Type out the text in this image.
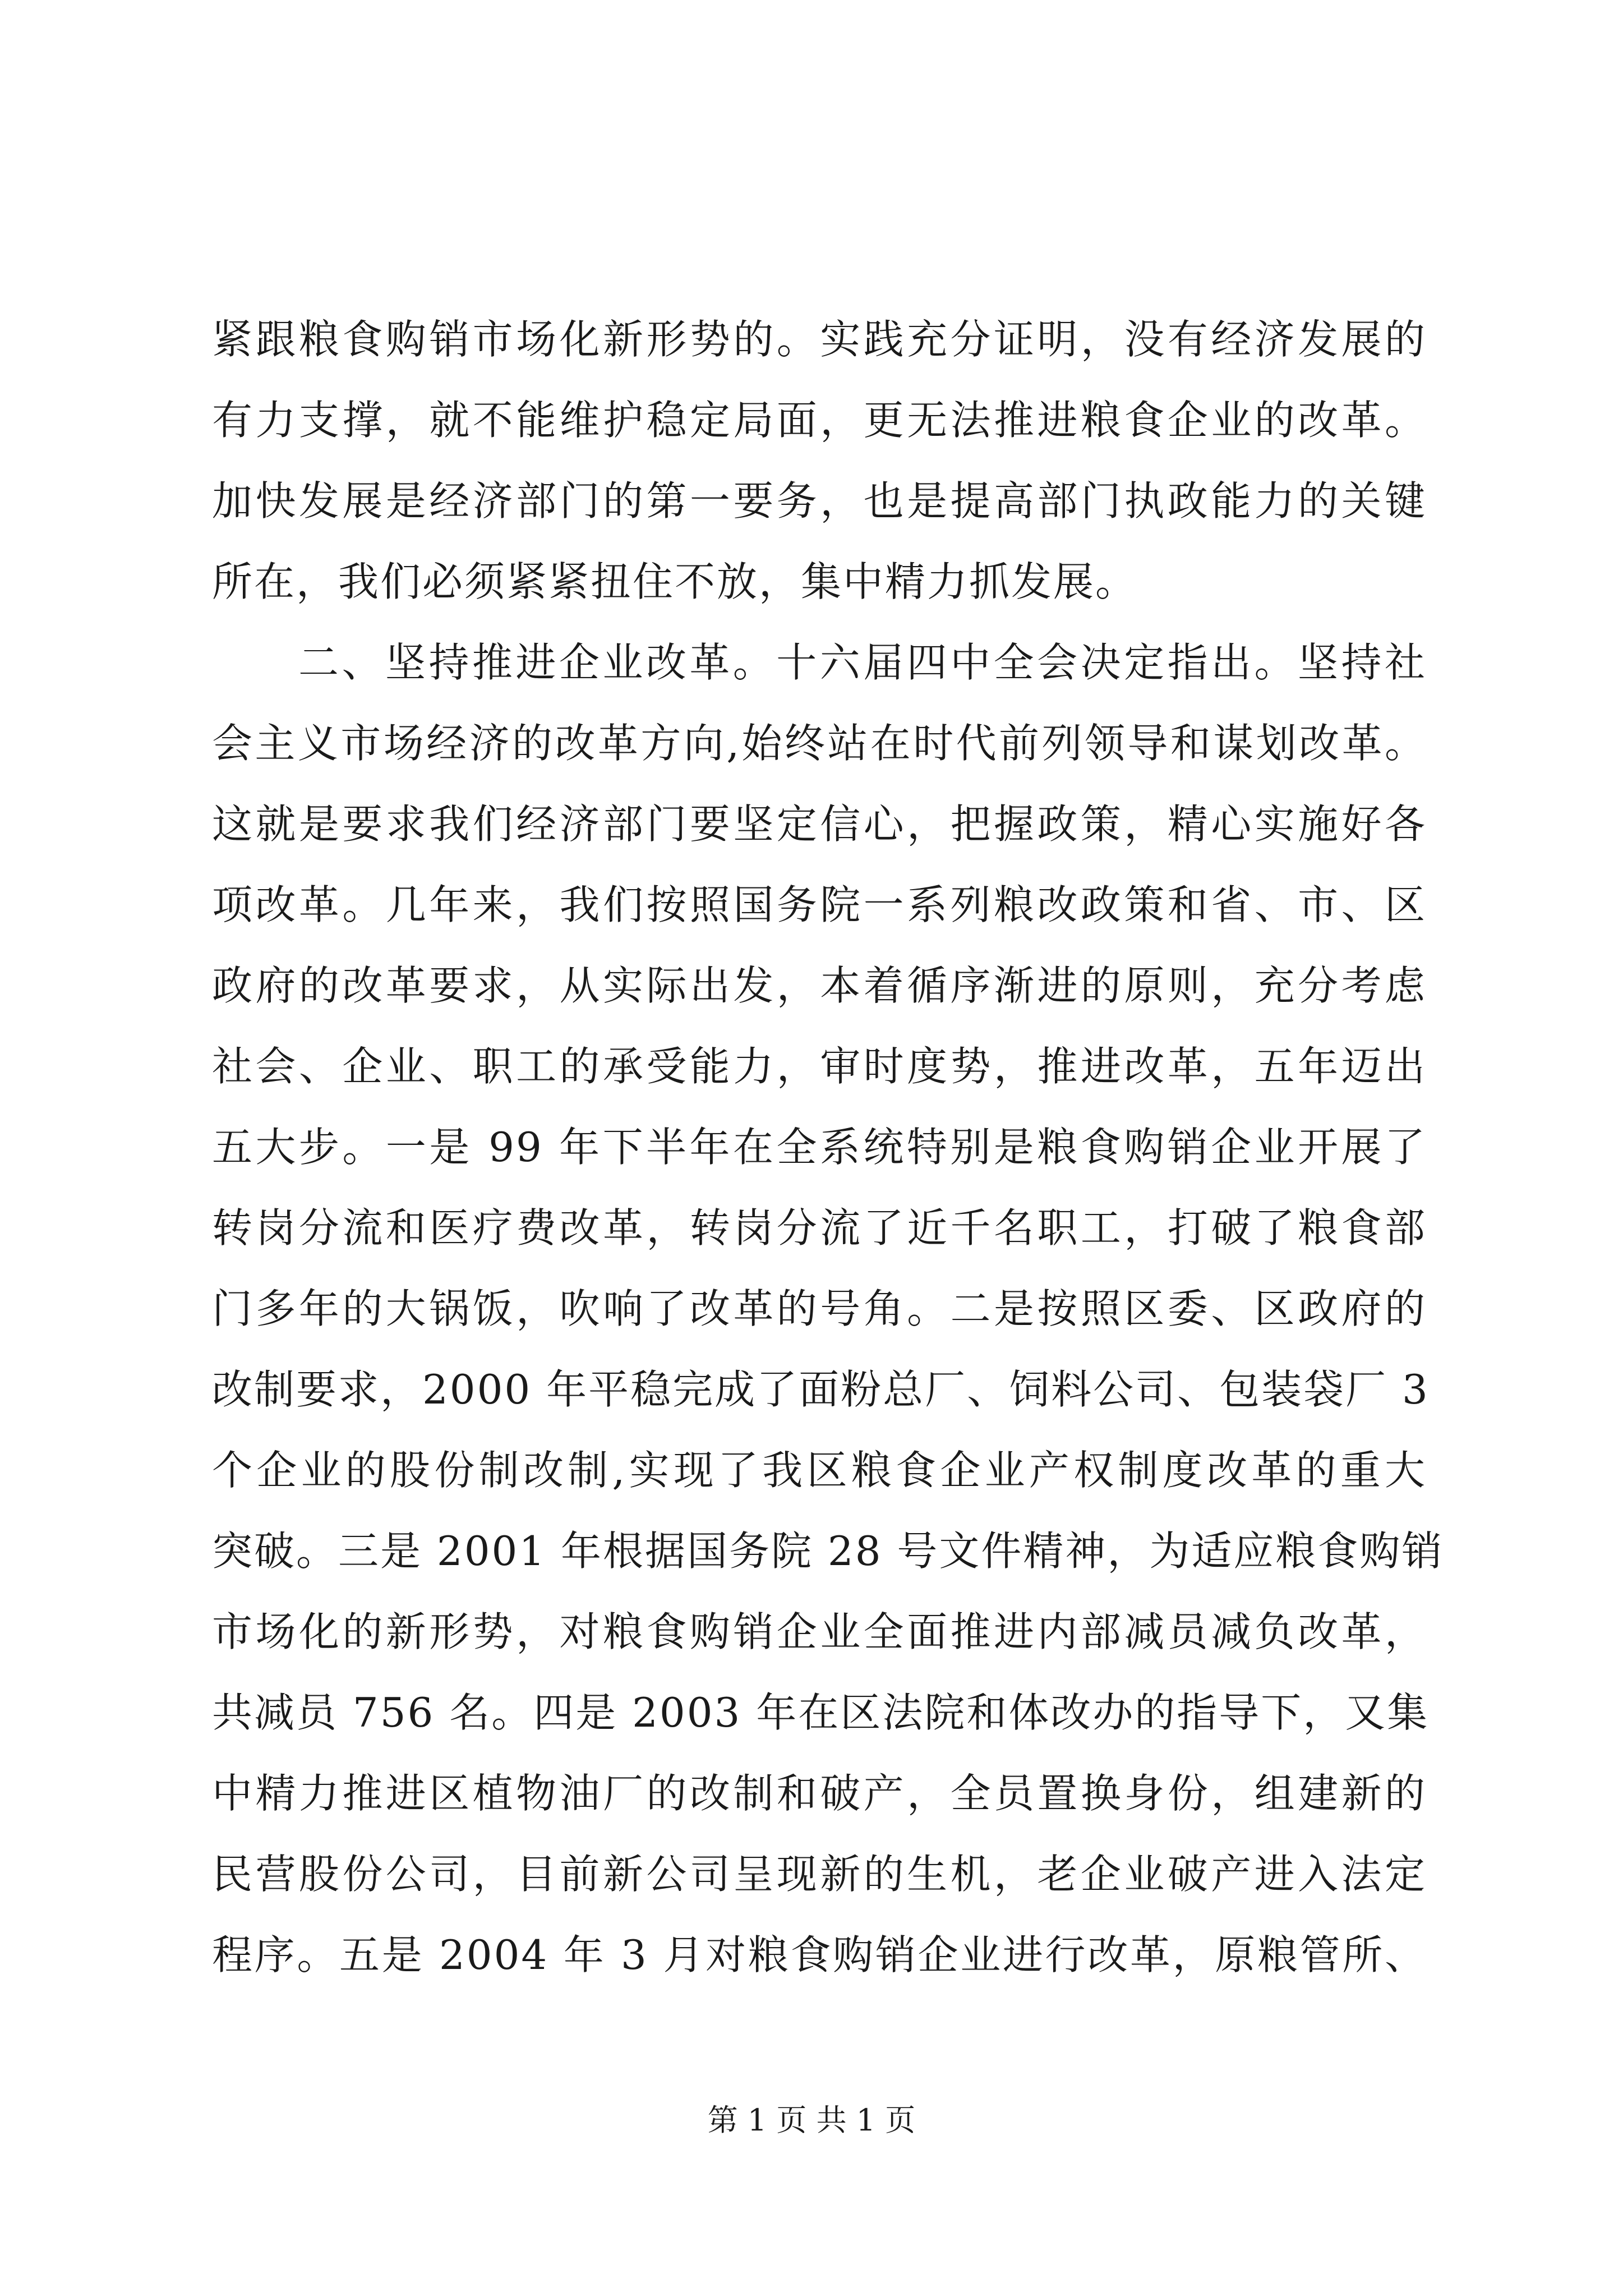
紧跟粮食购销市场化新形势的。实践充分证明，没有经济发展的
有力支撑，就不能维护稳定局面，更无法推进粮食企业的改革。
加快发展是经济部门的第一要务，也是提高部门执政能力的关键
所在，我们必须紧紧扭住不放，集中精力抓发展。
二、坚持推进企业改革。十六届四中全会决定指出。坚持社
会主义市场经济的改革方向,始终站在时代前列领导和谋划改革。
这就是要求我们经济部门要坚定信心，把握政策，精心实施好各
项改革。几年来，我们按照国务院一系列粮改政策和省、市、区
政府的改革要求，从实际出发，本着循序渐进的原则，充分考虑
社会、企业、职工的承受能力，审时度势，推进改革，五年迈出
五大步。一是 99 年下半年在全系统特别是粮食购销企业开展了
转岗分流和医疗费改革，转岗分流了近千名职工，打破了粮食部
门多年的大锅饭，吹响了改革的号角。二是按照区委、区政府的
改制要求，2000 年平稳完成了面粉总厂、饲料公司、包装袋厂 3
个企业的股份制改制,实现了我区粮食企业产权制度改革的重大
突破。三是 2001 年根据国务院 28 号文件精神，为适应粮食购销
市场化的新形势，对粮食购销企业全面推进内部减员减负改革，
共减员 756 名。四是 2003 年在区法院和体改办的指导下，又集
中精力推进区植物油厂的改制和破产，全员置换身份，组建新的
民营股份公司，目前新公司呈现新的生机，老企业破产进入法定
程序。五是 2004 年 3 月对粮食购销企业进行改革，原粮管所、
第 1 页 共 1 页
